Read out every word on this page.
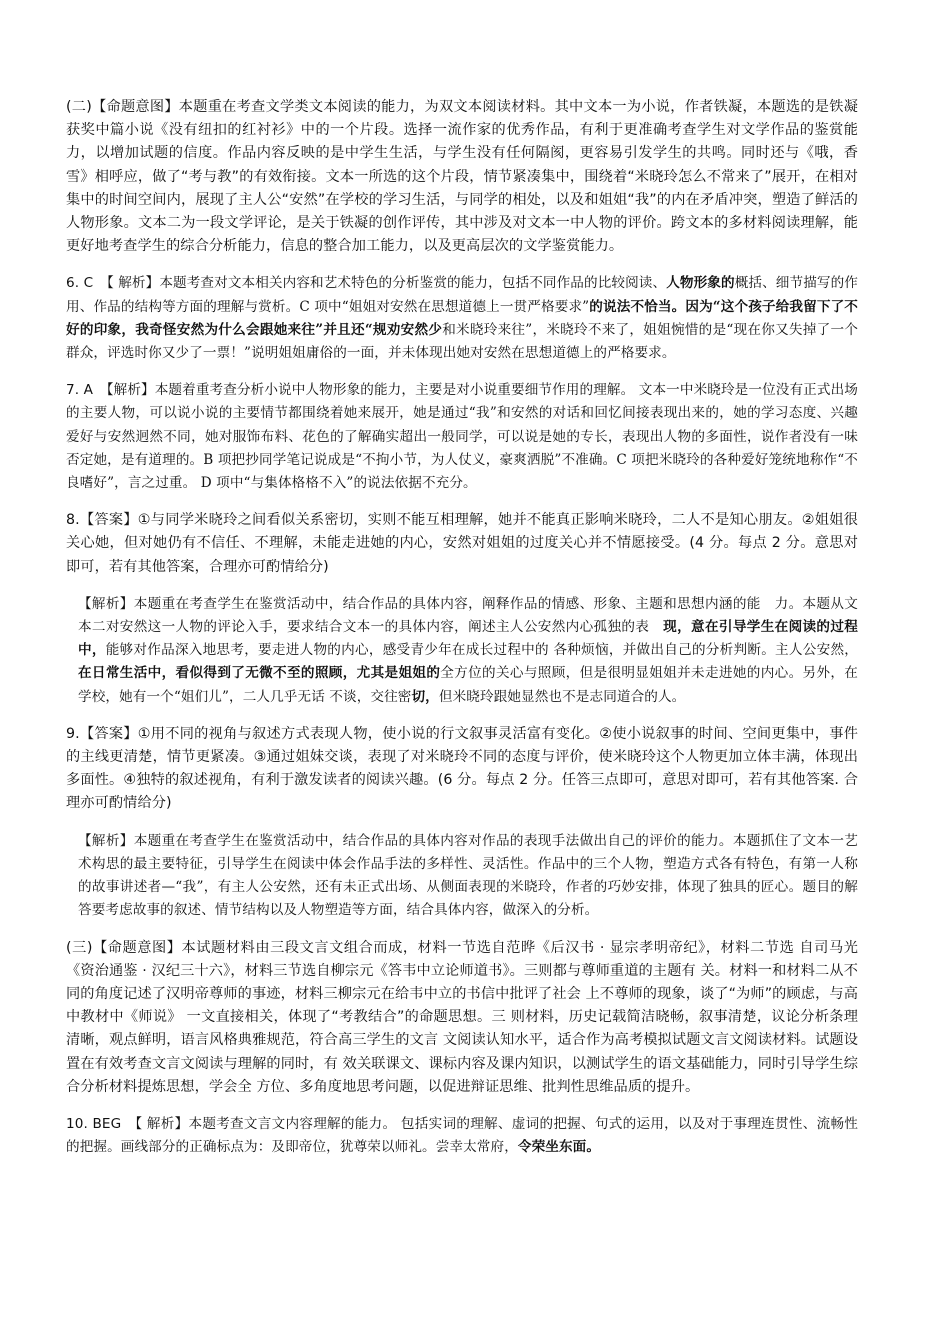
(二)【命题意图】本题重在考查文学类文本阅读的能力，为双文本阅读材料。其中文本一为小说，作者铁凝，本题选的是铁凝获奖中篇小说《没有纽扣的红衬衫》中的一个片段。选择一流作家的优秀作品，有利于更准确考查学生对文学作品的鉴赏能力，以增加试题的信度。作品内容反映的是中学生生活，与学生没有任何隔阂，更容易引发学生的共鸣。同时还与《哦，香雪》相呼应，做了“考与教”的有效衔接。文本一所选的这个片段，情节紧凑集中，围绕着“米晓玲怎么不常来了”展开，在相对集中的时间空间内，展现了主人公“安然”在学校的学习生活，与同学的相处，以及和姐姐“我”的内在矛盾冲突，塑造了鲜活的人物形象。文本二为一段文学评论，是关于铁凝的创作评传，其中涉及对文本一中人物的评价。跨文本的多材料阅读理解，能更好地考查学生的综合分析能力，信息的整合加工能力，以及更高层次的文学鉴赏能力。

6. C　【 解析】本题考查对文本相关内容和艺术特色的分析鉴赏的能力，包括不同作品的比较阅读、人物形象的概括、细节描写的作用、作品的结构等方面的理解与赏析。C 项中“姐姐对安然在思想道德上一贯严格要求”的说法不恰当。因为“这个孩子给我留下了不好的印象，我奇怪安然为什么会跟她来往”并且还“规劝安然少和米晓玲来往”，米晓玲不来了，姐姐惋惜的是“现在你又失掉了一个群众，评选时你又少了一票！”说明姐姐庸俗的一面，并未体现出她对安然在思想道德上的严格要求。

7. A　【解析】本题着重考查分析小说中人物形象的能力，主要是对小说重要细节作用的理解。 文本一中米晓玲是一位没有正式出场的主要人物，可以说小说的主要情节都围绕着她来展开，她是通过“我”和安然的对话和回忆间接表现出来的，她的学习态度、兴趣爱好与安然迥然不同，她对服饰布料、花色的了解确实超出一般同学，可以说是她的专长，表现出人物的多面性，说作者没有一味否定她，是有道理的。B 项把抄同学笔记说成是“不拘小节，为人仗义，豪爽洒脱”不准确。C 项把米晓玲的各种爱好笼统地称作“不良嗜好”，言之过重。 D 项中“与集体格格不入”的说法依据不充分。

8.【答案】①与同学米晓玲之间看似关系密切，实则不能互相理解，她并不能真正影响米晓玲，二人不是知心朋友。②姐姐很关心她，但对她仍有不信任、不理解，未能走进她的内心，安然对姐姐的过度关心并不情愿接受。(4 分。每点 2 分。意思对即可，若有其他答案，合理亦可酌情给分)

【解析】本题重在考查学生在鉴赏活动中，结合作品的具体内容，阐释作品的情感、形象、主题和思想内涵的能　力。本题从文本二对安然这一人物的评论入手，要求结合文本一的具体内容，阐述主人公安然内心孤独的表　现，意在引导学生在阅读的过程中，能够对作品深入地思考，要走进人物的内心，感受青少年在成长过程中的 各种烦恼，并做出自己的分析判断。主人公安然，在日常生活中，看似得到了无微不至的照顾，尤其是姐姐的全方位的关心与照顾，但是很明显姐姐并未走进她的内心。另外，在学校，她有一个“姐们儿”，二人几乎无话 不谈，交往密切，但米晓玲跟她显然也不是志同道合的人。

9.【答案】①用不同的视角与叙述方式表现人物，使小说的行文叙事灵活富有变化。②使小说叙事的时间、空间更集中，事件的主线更清楚，情节更紧凑。③通过姐妹交谈，表现了对米晓玲不同的态度与评价，使米晓玲这个人物更加立体丰满，体现出多面性。④独特的叙述视角，有利于激发读者的阅读兴趣。(6 分。每点 2 分。任答三点即可，意思对即可，若有其他答案. 合理亦可酌情给分)

【解析】本题重在考查学生在鉴赏活动中，结合作品的具体内容对作品的表现手法做出自己的评价的能力。本题抓住了文本一艺术构思的最主要特征，引导学生在阅读中体会作品手法的多样性、灵活性。作品中的三个人物，塑造方式各有特色，有第一人称的故事讲述者—“我”，有主人公安然，还有未正式出场、从侧面表现的米晓玲，作者的巧妙安排，体现了独具的匠心。题目的解答要考虑故事的叙述、情节结构以及人物塑造等方面，结合具体内容，做深入的分析。

(三)【命题意图】本试题材料由三段文言文组合而成，材料一节选自范晔《后汉书 · 显宗孝明帝纪》，材料二节选 自司马光《资治通鉴 · 汉纪三十六》，材料三节选自柳宗元《答韦中立论师道书》。三则都与尊师重道的主题有 关。材料一和材料二从不同的角度记述了汉明帝尊师的事迹，材料三柳宗元在给韦中立的书信中批评了社会 上不尊师的现象，谈了“为师”的顾虑，与高中教材中《师说》 一文直接相关，体现了“考教结合”的命题思想。三 则材料，历史记载简洁晓畅，叙事清楚，议论分析条理清晰，观点鲜明，语言风格典雅规范，符合高三学生的文言 文阅读认知水平，适合作为高考模拟试题文言文阅读材料。试题设置在有效考查文言文阅读与理解的同时，有 效关联课文、课标内容及课内知识，以测试学生的语文基础能力，同时引导学生综合分析材料提炼思想，学会全 方位、多角度地思考问题，以促进辩证思维、批判性思维品质的提升。

10. BEG　【 解析】本题考查文言文内容理解的能力。 包括实词的理解、虚词的把握、句式的运用，以及对于事理连贯性、流畅性的把握。画线部分的正确标点为：及即帝位，犹尊荣以师礼。尝幸太常府，令荣坐东面。
